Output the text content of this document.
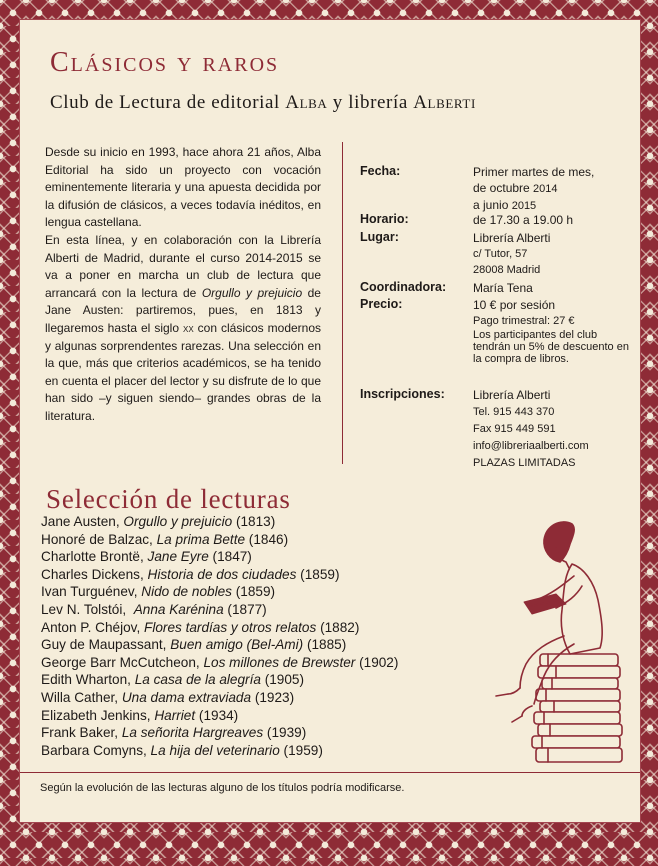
Clásicos y raros
Club de Lectura de editorial Alba y librería Alberti

Desde su inicio en 1993, hace ahora 21 años, Alba Editorial ha sido un proyecto con vocación eminentemente literaria y una apuesta decidida por la difusión de clásicos, a veces todavía inéditos, en lengua castellana.

En esta línea, y en colaboración con la Librería Alberti de Madrid, durante el curso 2014-2015 se va a poner en marcha un club de lectura que arrancará con la lectura de Orgullo y prejuicio de Jane Austen: partiremos, pues, en 1813 y llegaremos hasta el siglo xx con clásicos modernos y algunas sorprendentes rarezas. Una selección en la que, más que criterios académicos, se ha tenido en cuenta el placer del lector y su disfrute de lo que han sido –y siguen siendo– grandes obras de la literatura.

Fecha:	Primer martes de mes,
de octubre 2014
a junio 2015
Horario:	de 17.30 a 19.00 h
Lugar:	Librería Alberti
c/ Tutor, 57
28008 Madrid
Coordinadora: María Tena
Precio:	10 € por sesión
Pago trimestral: 27 €
Los participantes del club tendrán un 5% de descuento en la compra de libros.
Inscripciones: Librería Alberti
Tel. 915 443 370
Fax 915 449 591
info@libreriaalberti.com
PLAZAS LIMITADAS
Selección de lecturas
Jane Austen, Orgullo y prejuicio (1813)
Honoré de Balzac, La prima Bette (1846)
Charlotte Brontë, Jane Eyre (1847)
Charles Dickens, Historia de dos ciudades (1859)
Ivan Turguénev, Nido de nobles (1859)
Lev N. Tolstói,  Anna Karénina (1877)
Anton P. Chéjov, Flores tardías y otros relatos (1882)
Guy de Maupassant, Buen amigo (Bel-Ami) (1885)
George Barr McCutcheon, Los millones de Brewster (1902)
Edith Wharton, La casa de la alegría (1905)
Willa Cather, Una dama extraviada (1923)
Elizabeth Jenkins, Harriet (1934)
Frank Baker, La señorita Hargreaves (1939)
Barbara Comyns, La hija del veterinario (1959)
Según la evolución de las lecturas alguno de los títulos podría modificarse.
